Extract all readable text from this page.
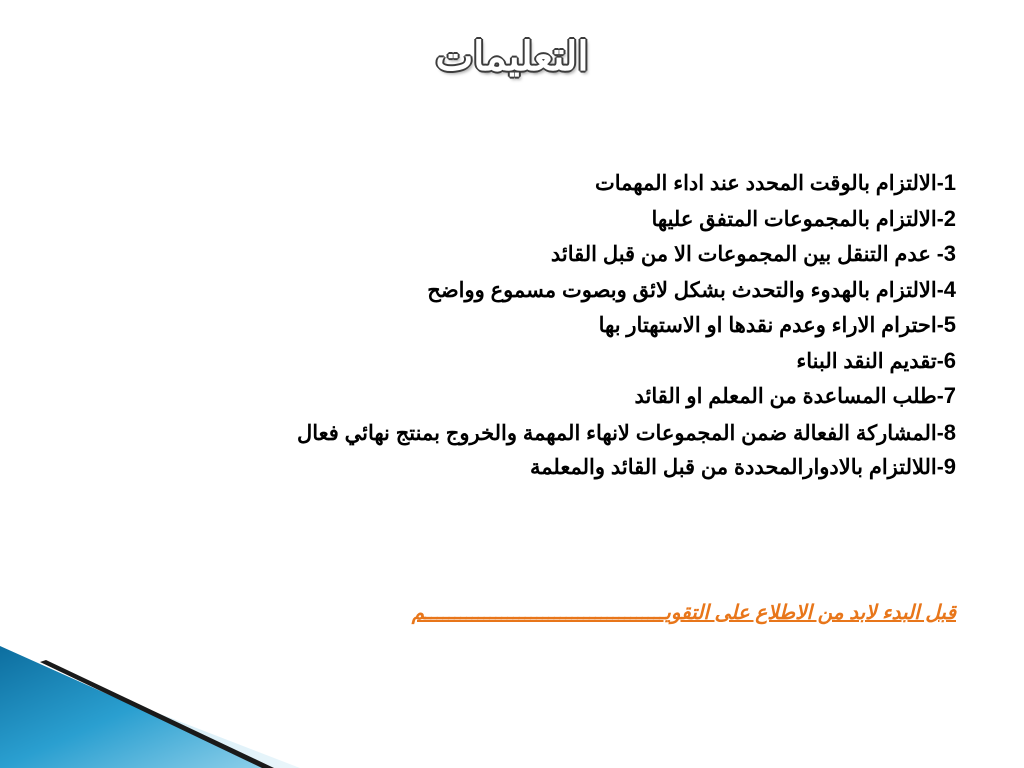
التعليمات
1-الالتزام بالوقت المحدد عند اداء المهمات
2-الالتزام بالمجموعات المتفق عليها
3- عدم التنقل بين المجموعات الا من قبل القائد
4-الالتزام بالهدوء والتحدث بشكل لائق وبصوت مسموع وواضح
5-احترام الاراء وعدم نقدها او الاستهتار بها
6-تقديم النقد البناء
7-طلب المساعدة من المعلم او القائد
8-المشاركة الفعالة ضمن المجموعات لانهاء المهمة والخروج بمنتج نهائي فعال
9-اللالتزام بالادوارالمحددة من قبل القائد والمعلمة
قبل البدء لابد من الاطلاع على التقويـــــــــــــــــــــــــــــــــــــــــم
